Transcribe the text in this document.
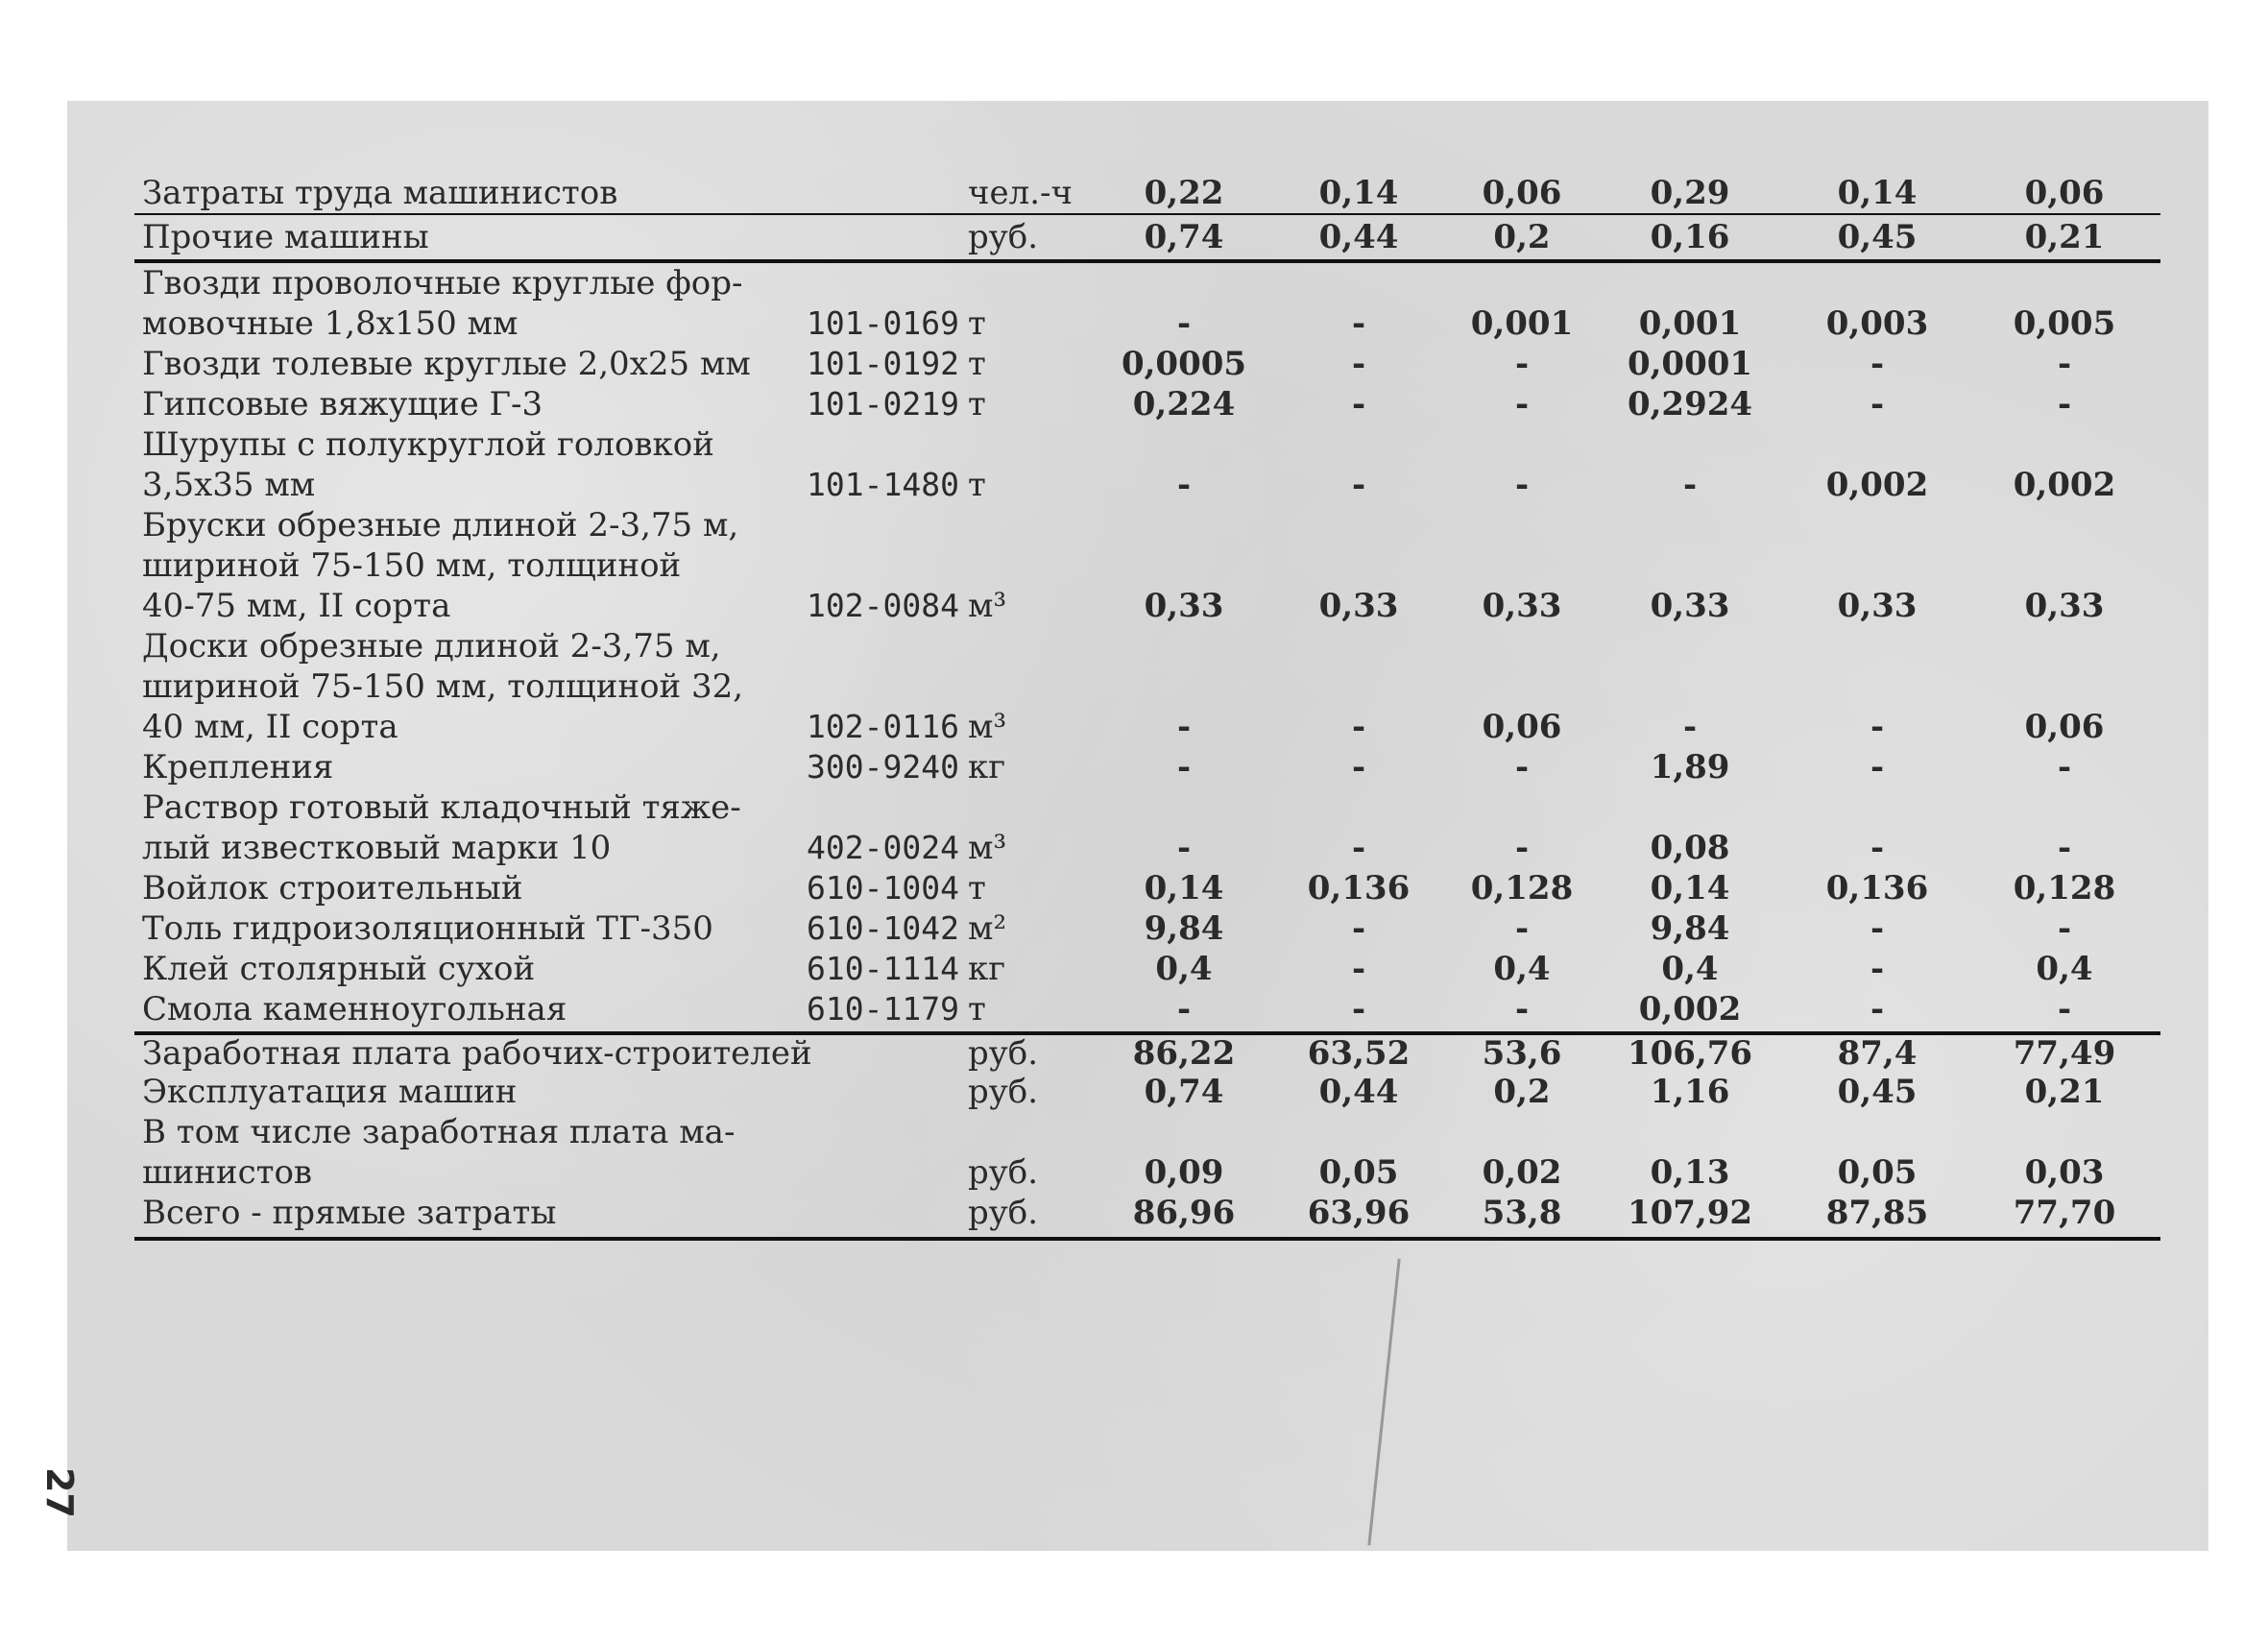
Затраты труда машинистов	чел.-ч	0,22	0,14	0,06	0,29	0,14	0,06
Прочие машины	руб.	0,74	0,44	0,2	0,16	0,45	0,21
Гвозди проволочные круглые фор-
мовочные 1,8х150 мм	101-0169 т	-	-	0,001	0,001	0,003	0,005
Гвозди толевые круглые 2,0х25 мм 101-0192 т	0,0005	-	-	0,0001	-	-
Гипсовые вяжущие Г-3	101-0219 т	0,224	-	-	0,2924	-	-
Шурупы с полукруглой головкой
3,5х35 мм	101-1480 т	-	-	-	-	0,002	0,002
Бруски обрезные длиной 2-3,75 м,
шириной 75-150 мм, толщиной
40-75 мм, II сорта	102-0084 м³	0,33	0,33	0,33	0,33	0,33	0,33
Доски обрезные длиной 2-3,75 м,
шириной 75-150 мм, толщиной 32,
40 мм, II сорта	102-0116 м³	-	-	0,06	-	-	0,06
Крепления	300-9240 кг	-	-	-	1,89	-	-
Раствор готовый кладочный тяже-
лый известковый марки 10	402-0024 м³	-	-	-	0,08	-	-
Войлок строительный	610-1004 т	0,14	0,136	0,128	0,14	0,136	0,128
Толь гидроизоляционный ТГ-350	610-1042 м²	9,84	-	-	9,84	-	-
Клей столярный сухой	610-1114 кг	0,4	-	0,4	0,4	-	0,4
Смола каменноугольная	610-1179 т	-	-	-	0,002	-	-
Заработная плата рабочих-строителей	руб.	86,22	63,52	53,6	106,76	87,4	77,49
Эксплуатация машин	руб.	0,74	0,44	0,2	1,16	0,45	0,21
В том числе заработная плата ма-
шинистов	руб.	0,09	0,05	0,02	0,13	0,05	0,03
Всего - прямые затраты	руб.	86,96	63,96	53,8	107,92	87,85	77,70
27
